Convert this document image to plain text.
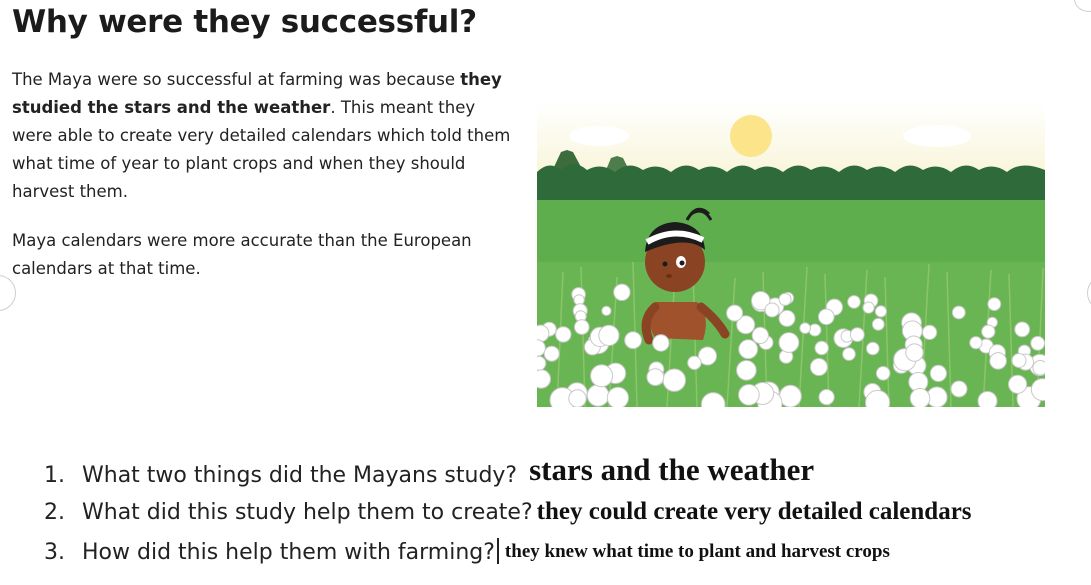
Why were they successful?

The Maya were so successful at farming was because they studied the stars and the weather. This meant they were able to create very detailed calendars which told them what time of year to plant crops and when they should harvest them.

Maya calendars were more accurate than the European calendars at that time.

1. What two things did the Mayans study? stars and the weather
2. What did this study help them to create? they could create very detailed calendars
3. How did this help them with farming? they knew what time to plant and harvest crops
